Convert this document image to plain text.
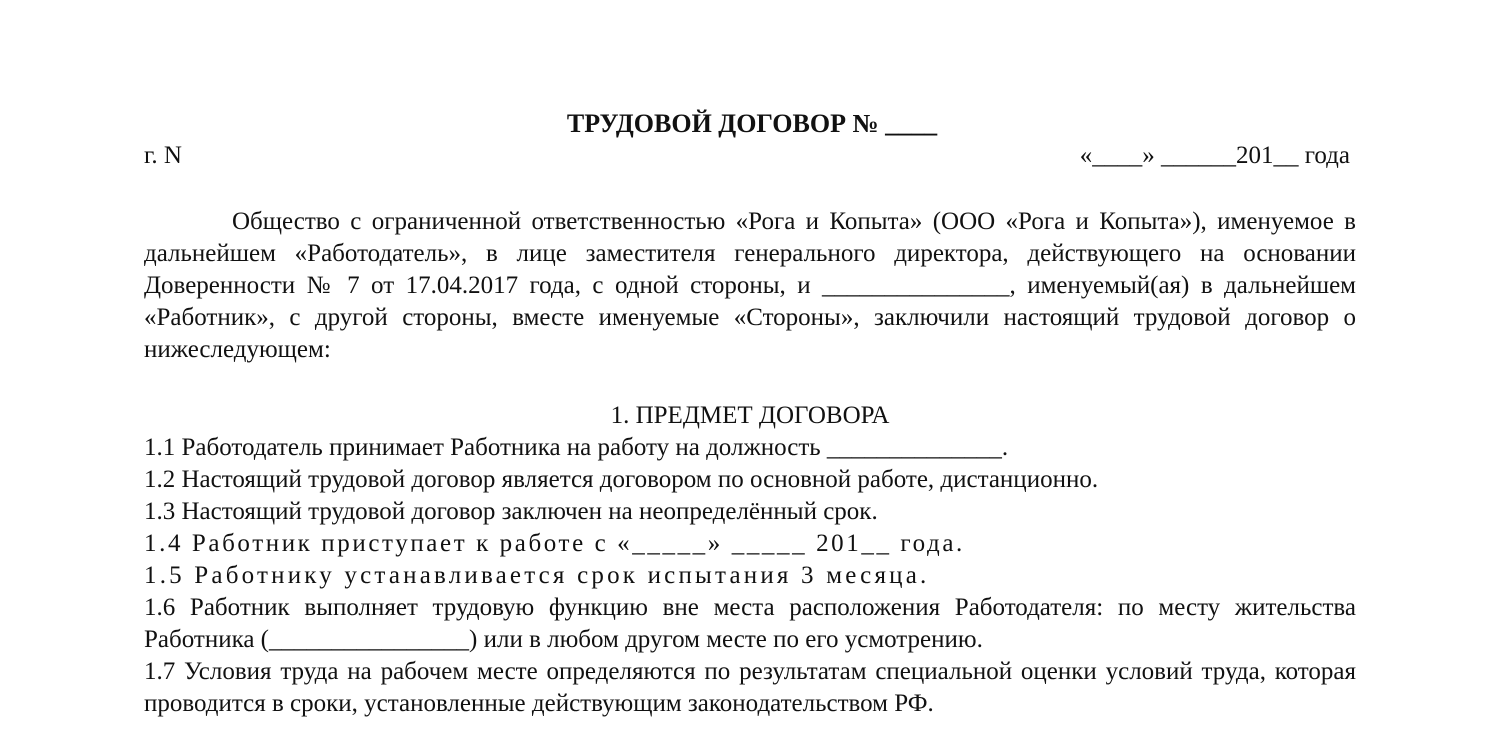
ТРУДОВОЙ ДОГОВОР № ____
г. N	«____» ______201__ года
Общество с ограниченной ответственностью «Рога и Копыта» (ООО «Рога и Копыта»), именуемое в дальнейшем «Работодатель», в лице заместителя генерального директора, действующего на основании Доверенности № 7 от 17.04.2017 года, с одной стороны, и _______________, именуемый(ая) в дальнейшем «Работник», с другой стороны, вместе именуемые «Стороны», заключили настоящий трудовой договор о нижеследующем:
1. ПРЕДМЕТ ДОГОВОРА

1.1 Работодатель принимает Работника на работу на должность ______________.

1.2 Настоящий трудовой договор является договором по основной работе, дистанционно.

1.3 Настоящий трудовой договор заключен на неопределённый срок.

1.4 Работник приступает к работе с «_____» _____ 201__ года.

1.5 Работнику устанавливается срок испытания 3 месяца.

1.6 Работник выполняет трудовую функцию вне места расположения Работодателя: по месту жительства Работника (________________) или в любом другом месте по его усмотрению.

1.7 Условия труда на рабочем месте определяются по результатам специальной оценки условий труда, которая проводится в сроки, установленные действующим законодательством РФ.
